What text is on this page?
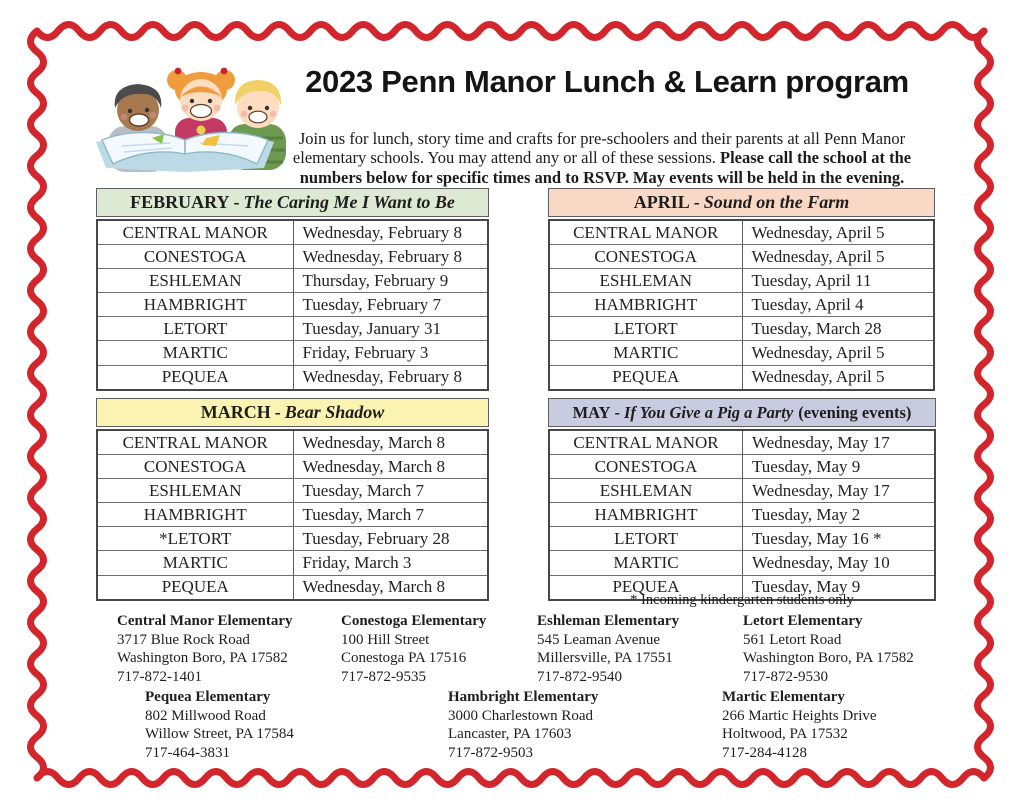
2023 Penn Manor Lunch & Learn program

Join us for lunch, story time and crafts for pre-schoolers and their parents at all Penn Manor elementary schools. You may attend any or all of these sessions. Please call the school at the numbers below for specific times and to RSVP. May events will be held in the evening.

FEBRUARY - The Caring Me I Want to Be
CENTRAL MANOR	Wednesday, February 8
CONESTOGA	Wednesday, February 8
ESHLEMAN	Thursday, February 9
HAMBRIGHT	Tuesday, February 7
LETORT	Tuesday, January 31
MARTIC	Friday, February 3
PEQUEA	Wednesday, February 8
APRIL - Sound on the Farm
CENTRAL MANOR	Wednesday, April 5
CONESTOGA	Wednesday, April 5
ESHLEMAN	Tuesday, April 11
HAMBRIGHT	Tuesday, April 4
LETORT	Tuesday, March 28
MARTIC	Wednesday, April 5
PEQUEA	Wednesday, April 5
MARCH - Bear Shadow
CENTRAL MANOR	Wednesday, March 8
CONESTOGA	Wednesday, March 8
ESHLEMAN	Tuesday, March 7
HAMBRIGHT	Tuesday, March 7
*LETORT	Tuesday, February 28
MARTIC	Friday, March 3
PEQUEA	Wednesday, March 8
MAY - If You Give a Pig a Party (evening events)
CENTRAL MANOR	Wednesday, May 17
CONESTOGA	Tuesday, May 9
ESHLEMAN	Wednesday, May 17
HAMBRIGHT	Tuesday, May 2
LETORT	Tuesday, May 16 *
MARTIC	Wednesday, May 10
PEQUEA	Tuesday, May 9
* Incoming kindergarten students only
Central Manor Elementary
3717 Blue Rock Road
Washington Boro, PA 17582
717-872-1401
Conestoga Elementary
100 Hill Street
Conestoga PA 17516
717-872-9535
Eshleman Elementary
545 Leaman Avenue
Millersville, PA 17551
717-872-9540
Letort Elementary
561 Letort Road
Washington Boro, PA 17582
717-872-9530
Pequea Elementary
802 Millwood Road
Willow Street, PA 17584
717-464-3831
Hambright Elementary
3000 Charlestown Road
Lancaster, PA 17603
717-872-9503
Martic Elementary
266 Martic Heights Drive
Holtwood, PA 17532
717-284-4128
